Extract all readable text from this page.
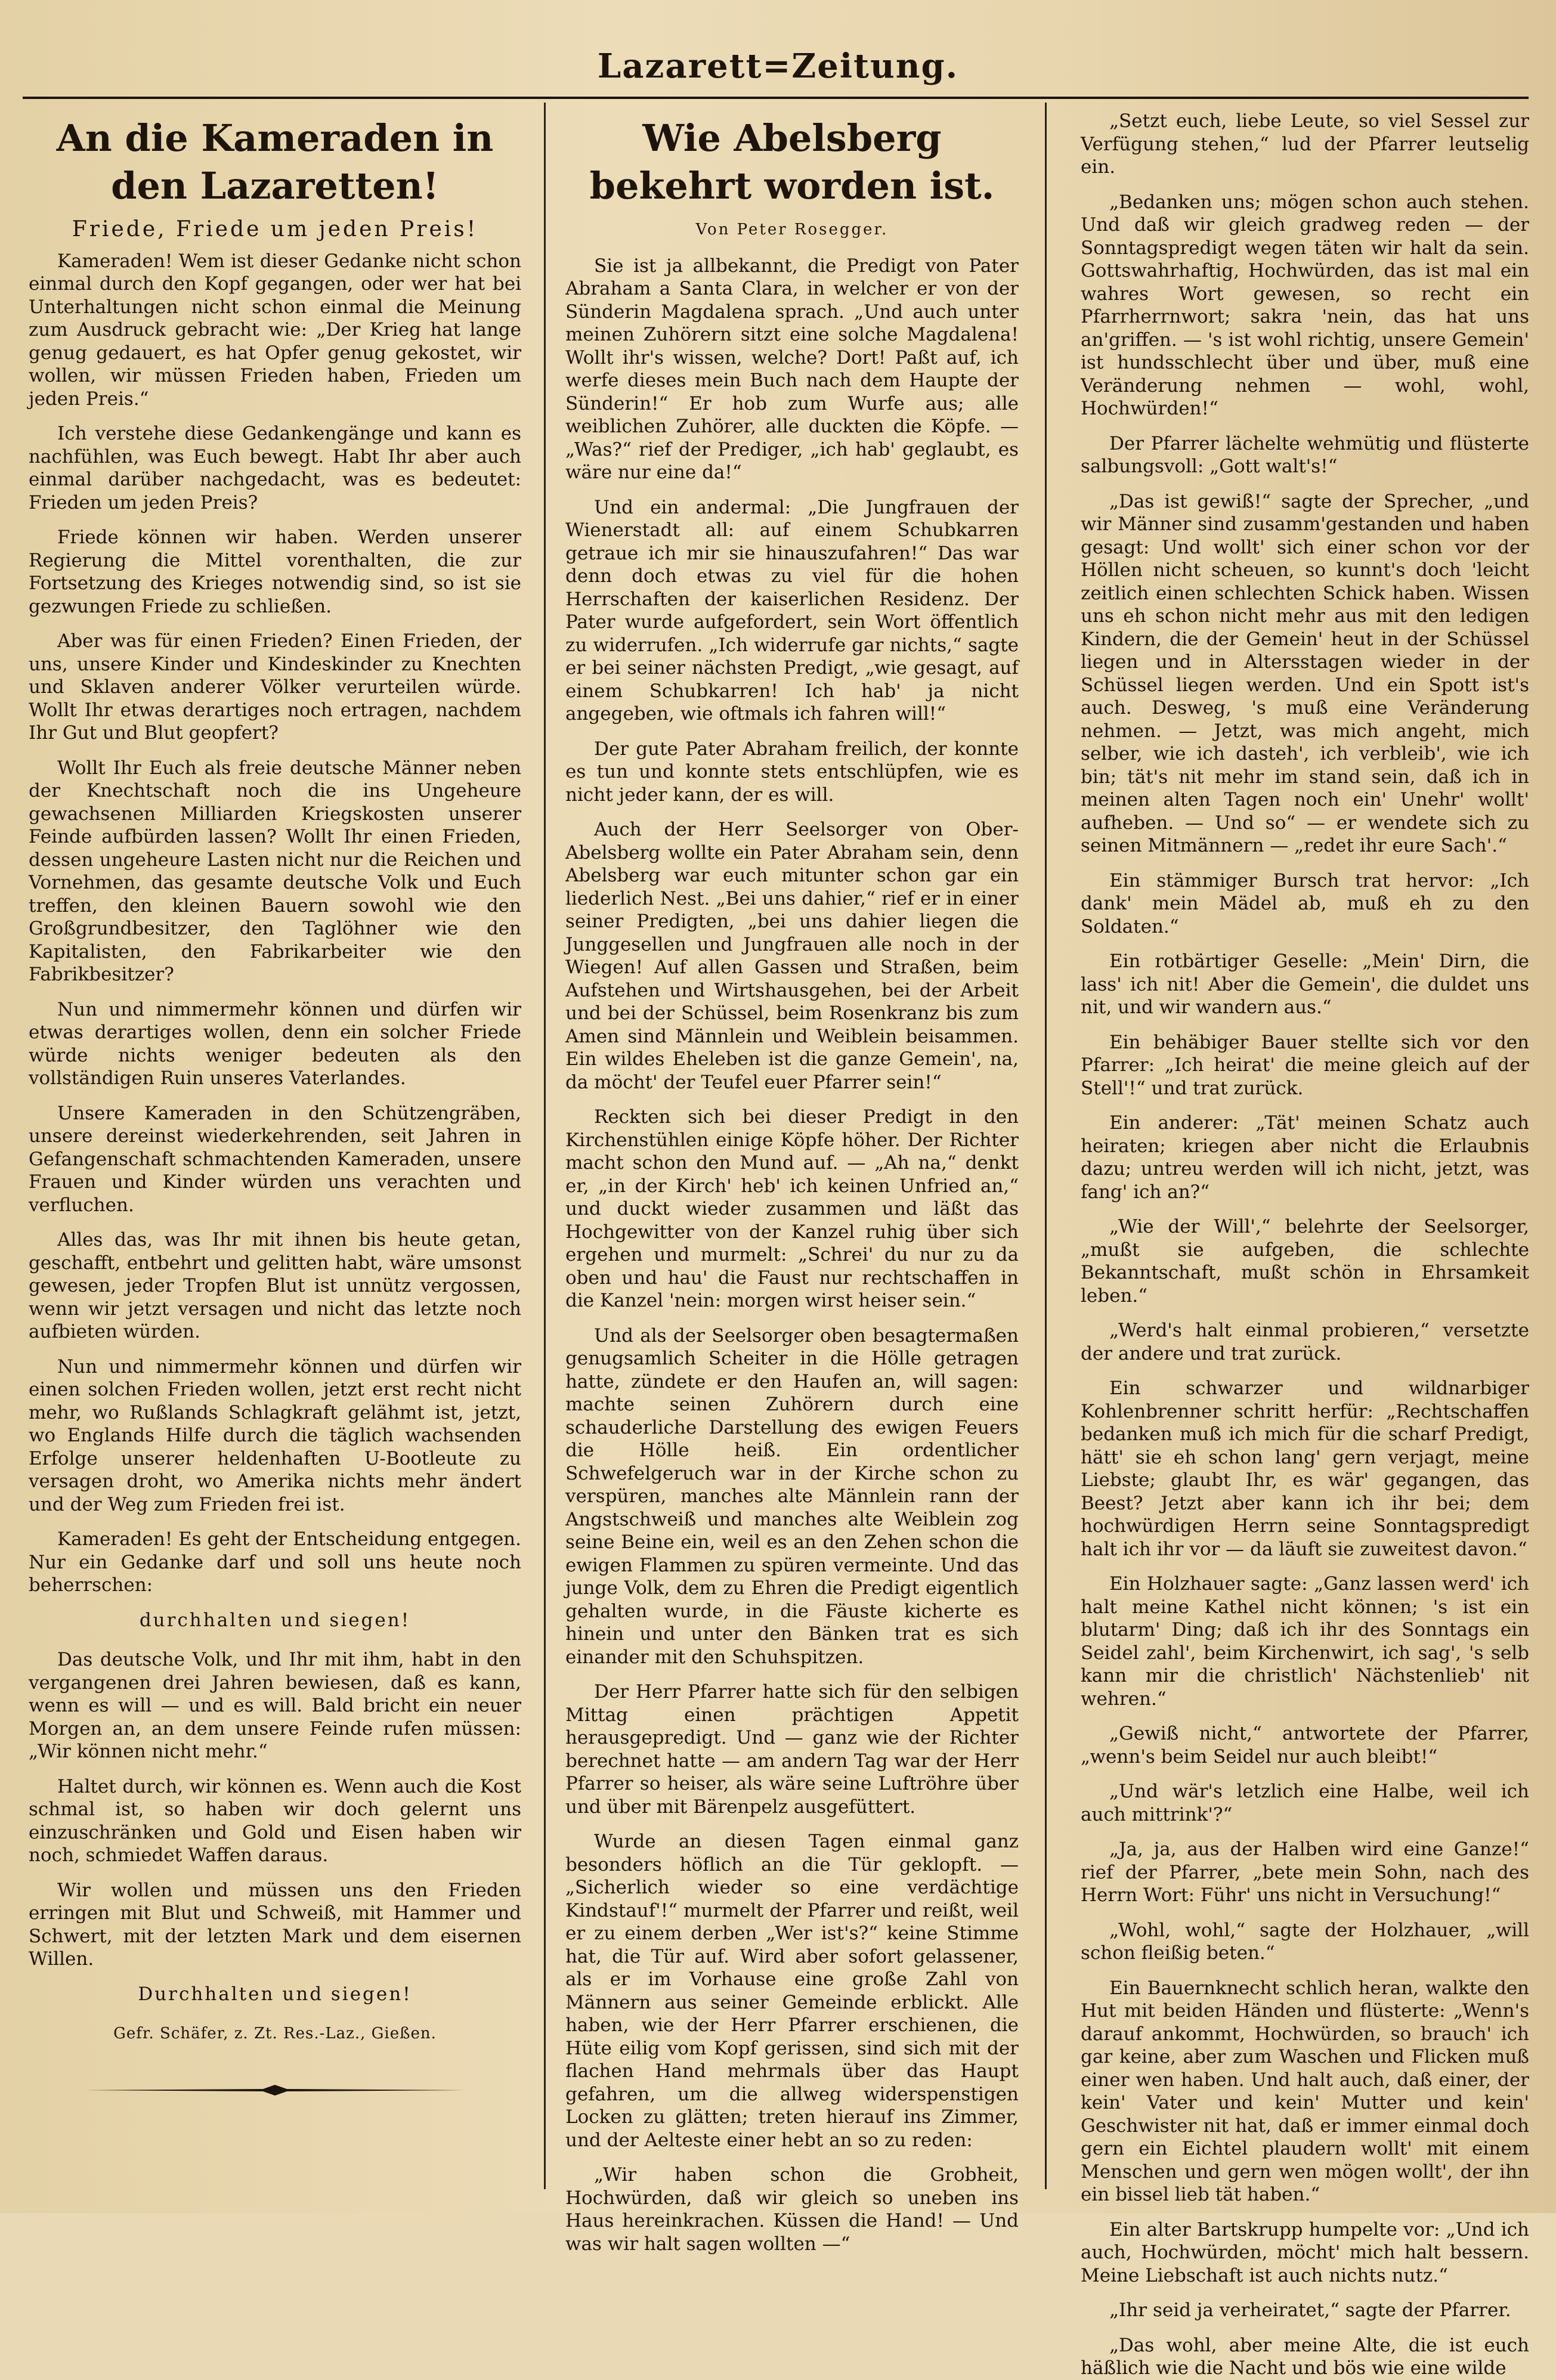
Lazarett=Zeitung.
An die Kameraden in den Lazaretten!
Friede, Friede um jeden Preis!

Kameraden! Wem ist dieser Gedanke nicht schon einmal durch den Kopf gegangen, oder wer hat bei Unterhaltungen nicht schon einmal die Meinung zum Ausdruck gebracht wie: „Der Krieg hat lange genug gedauert, es hat Opfer genug gekostet, wir wollen, wir müssen Frieden haben, Frieden um jeden Preis.“

Ich verstehe diese Gedankengänge und kann es nachfühlen, was Euch bewegt. Habt Ihr aber auch einmal darüber nachgedacht, was es bedeutet: Frieden um jeden Preis?

Friede können wir haben. Werden unserer Regierung die Mittel vorenthalten, die zur Fortsetzung des Krieges notwendig sind, so ist sie gezwungen Friede zu schließen.

Aber was für einen Frieden? Einen Frieden, der uns, unsere Kinder und Kindeskinder zu Knechten und Sklaven anderer Völker verurteilen würde. Wollt Ihr etwas derartiges noch ertragen, nachdem Ihr Gut und Blut geopfert?

Wollt Ihr Euch als freie deutsche Männer neben der Knechtschaft noch die ins Ungeheure gewachsenen Milliarden Kriegskosten unserer Feinde aufbürden lassen? Wollt Ihr einen Frieden, dessen ungeheure Lasten nicht nur die Reichen und Vornehmen, das gesamte deutsche Volk und Euch treffen, den kleinen Bauern sowohl wie den Großgrundbesitzer, den Taglöhner wie den Kapitalisten, den Fabrikarbeiter wie den Fabrikbesitzer?

Nun und nimmermehr können und dürfen wir etwas derartiges wollen, denn ein solcher Friede würde nichts weniger bedeuten als den vollständigen Ruin unseres Vaterlandes.

Unsere Kameraden in den Schützengräben, unsere dereinst wiederkehrenden, seit Jahren in Gefangenschaft schmachtenden Kameraden, unsere Frauen und Kinder würden uns verachten und verfluchen.

Alles das, was Ihr mit ihnen bis heute getan, geschafft, entbehrt und gelitten habt, wäre umsonst gewesen, jeder Tropfen Blut ist unnütz vergossen, wenn wir jetzt versagen und nicht das letzte noch aufbieten würden.

Nun und nimmermehr können und dürfen wir einen solchen Frieden wollen, jetzt erst recht nicht mehr, wo Rußlands Schlagkraft gelähmt ist, jetzt, wo Englands Hilfe durch die täglich wachsenden Erfolge unserer heldenhaften U-Bootleute zu versagen droht, wo Amerika nichts mehr ändert und der Weg zum Frieden frei ist.

Kameraden! Es geht der Entscheidung entgegen. Nur ein Gedanke darf und soll uns heute noch beherrschen:

durchhalten und siegen!

Das deutsche Volk, und Ihr mit ihm, habt in den vergangenen drei Jahren bewiesen, daß es kann, wenn es will — und es will. Bald bricht ein neuer Morgen an, an dem unsere Feinde rufen müssen: „Wir können nicht mehr.“

Haltet durch, wir können es. Wenn auch die Kost schmal ist, so haben wir doch gelernt uns einzuschränken und Gold und Eisen haben wir noch, schmiedet Waffen daraus.

Wir wollen und müssen uns den Frieden erringen mit Blut und Schweiß, mit Hammer und Schwert, mit der letzten Mark und dem eisernen Willen.

Durchhalten und siegen!

Gefr. Schäfer, z. Zt. Res.-Laz., Gießen.

Wie Abelsberg bekehrt worden ist.
Von Peter Rosegger.

Sie ist ja allbekannt, die Predigt von Pater Abraham a Santa Clara, in welcher er von der Sünderin Magdalena sprach. „Und auch unter meinen Zuhörern sitzt eine solche Magdalena! Wollt ihr's wissen, welche? Dort! Paßt auf, ich werfe dieses mein Buch nach dem Haupte der Sünderin!“ Er hob zum Wurfe aus; alle weiblichen Zuhörer, alle duckten die Köpfe. — „Was?“ rief der Prediger, „ich hab' geglaubt, es wäre nur eine da!“

Und ein andermal: „Die Jungfrauen der Wienerstadt all: auf einem Schubkarren getraue ich mir sie hinauszufahren!“ Das war denn doch etwas zu viel für die hohen Herrschaften der kaiserlichen Residenz. Der Pater wurde aufgefordert, sein Wort öffentlich zu widerrufen. „Ich widerrufe gar nichts,“ sagte er bei seiner nächsten Predigt, „wie gesagt, auf einem Schubkarren! Ich hab' ja nicht angegeben, wie oftmals ich fahren will!“

Der gute Pater Abraham freilich, der konnte es tun und konnte stets entschlüpfen, wie es nicht jeder kann, der es will.

Auch der Herr Seelsorger von Ober-Abelsberg wollte ein Pater Abraham sein, denn Abelsberg war euch mitunter schon gar ein liederlich Nest. „Bei uns dahier,“ rief er in einer seiner Predigten, „bei uns dahier liegen die Junggesellen und Jungfrauen alle noch in der Wiegen! Auf allen Gassen und Straßen, beim Aufstehen und Wirtshausgehen, bei der Arbeit und bei der Schüssel, beim Rosenkranz bis zum Amen sind Männlein und Weiblein beisammen. Ein wildes Eheleben ist die ganze Gemein', na, da möcht' der Teufel euer Pfarrer sein!“

Reckten sich bei dieser Predigt in den Kirchenstühlen einige Köpfe höher. Der Richter macht schon den Mund auf. — „Ah na,“ denkt er, „in der Kirch' heb' ich keinen Unfried an,“ und duckt wieder zusammen und läßt das Hochgewitter von der Kanzel ruhig über sich ergehen und murmelt: „Schrei' du nur zu da oben und hau' die Faust nur rechtschaffen in die Kanzel 'nein: morgen wirst heiser sein.“

Und als der Seelsorger oben besagtermaßen genugsamlich Scheiter in die Hölle getragen hatte, zündete er den Haufen an, will sagen: machte seinen Zuhörern durch eine schauderliche Darstellung des ewigen Feuers die Hölle heiß. Ein ordentlicher Schwefelgeruch war in der Kirche schon zu verspüren, manches alte Männlein rann der Angstschweiß und manches alte Weiblein zog seine Beine ein, weil es an den Zehen schon die ewigen Flammen zu spüren vermeinte. Und das junge Volk, dem zu Ehren die Predigt eigentlich gehalten wurde, in die Fäuste kicherte es hinein und unter den Bänken trat es sich einander mit den Schuhspitzen.

Der Herr Pfarrer hatte sich für den selbigen Mittag einen prächtigen Appetit herausgepredigt. Und — ganz wie der Richter berechnet hatte — am andern Tag war der Herr Pfarrer so heiser, als wäre seine Luftröhre über und über mit Bärenpelz ausgefüttert.

Wurde an diesen Tagen einmal ganz besonders höflich an die Tür geklopft. — „Sicherlich wieder so eine verdächtige Kindstauf'!“ murmelt der Pfarrer und reißt, weil er zu einem derben „Wer ist's?“ keine Stimme hat, die Tür auf. Wird aber sofort gelassener, als er im Vorhause eine große Zahl von Männern aus seiner Gemeinde erblickt. Alle haben, wie der Herr Pfarrer erschienen, die Hüte eilig vom Kopf gerissen, sind sich mit der flachen Hand mehrmals über das Haupt gefahren, um die allweg widerspenstigen Locken zu glätten; treten hierauf ins Zimmer, und der Aelteste einer hebt an so zu reden:

„Wir haben schon die Grobheit, Hochwürden, daß wir gleich so uneben ins Haus hereinkrachen. Küssen die Hand! — Und was wir halt sagen wollten —“

„Setzt euch, liebe Leute, so viel Sessel zur Verfügung stehen,“ lud der Pfarrer leutselig ein.

„Bedanken uns; mögen schon auch stehen. Und daß wir gleich gradweg reden — der Sonntagspredigt wegen täten wir halt da sein. Gottswahrhaftig, Hochwürden, das ist mal ein wahres Wort gewesen, so recht ein Pfarrherrnwort; sakra 'nein, das hat uns an'griffen. — 's ist wohl richtig, unsere Gemein' ist hundsschlecht über und über, muß eine Veränderung nehmen — wohl, wohl, Hochwürden!“

Der Pfarrer lächelte wehmütig und flüsterte salbungsvoll: „Gott walt's!“

„Das ist gewiß!“ sagte der Sprecher, „und wir Männer sind zusamm'gestanden und haben gesagt: Und wollt' sich einer schon vor der Höllen nicht scheuen, so kunnt's doch 'leicht zeitlich einen schlechten Schick haben. Wissen uns eh schon nicht mehr aus mit den ledigen Kindern, die der Gemein' heut in der Schüssel liegen und in Altersstagen wieder in der Schüssel liegen werden. Und ein Spott ist's auch. Desweg, 's muß eine Veränderung nehmen. — Jetzt, was mich angeht, mich selber, wie ich dasteh', ich verbleib', wie ich bin; tät's nit mehr im stand sein, daß ich in meinen alten Tagen noch ein' Unehr' wollt' aufheben. — Und so“ — er wendete sich zu seinen Mitmännern — „redet ihr eure Sach'.“

Ein stämmiger Bursch trat hervor: „Ich dank' mein Mädel ab, muß eh zu den Soldaten.“

Ein rotbärtiger Geselle: „Mein' Dirn, die lass' ich nit! Aber die Gemein', die duldet uns nit, und wir wandern aus.“

Ein behäbiger Bauer stellte sich vor den Pfarrer: „Ich heirat' die meine gleich auf der Stell'!“ und trat zurück.

Ein anderer: „Tät' meinen Schatz auch heiraten; kriegen aber nicht die Erlaubnis dazu; untreu werden will ich nicht, jetzt, was fang' ich an?“

„Wie der Will',“ belehrte der Seelsorger, „mußt sie aufgeben, die schlechte Bekanntschaft, mußt schön in Ehrsamkeit leben.“

„Werd's halt einmal probieren,“ versetzte der andere und trat zurück.

Ein schwarzer und wildnarbiger Kohlenbrenner schritt herfür: „Rechtschaffen bedanken muß ich mich für die scharf Predigt, hätt' sie eh schon lang' gern verjagt, meine Liebste; glaubt Ihr, es wär' gegangen, das Beest? Jetzt aber kann ich ihr bei; dem hochwürdigen Herrn seine Sonntagspredigt halt ich ihr vor — da läuft sie zuweitest davon.“

Ein Holzhauer sagte: „Ganz lassen werd' ich halt meine Kathel nicht können; 's ist ein blutarm' Ding; daß ich ihr des Sonntags ein Seidel zahl', beim Kirchenwirt, ich sag', 's selb kann mir die christlich' Nächstenlieb' nit wehren.“

„Gewiß nicht,“ antwortete der Pfarrer, „wenn's beim Seidel nur auch bleibt!“

„Und wär's letzlich eine Halbe, weil ich auch mittrink'?“

„Ja, ja, aus der Halben wird eine Ganze!“ rief der Pfarrer, „bete mein Sohn, nach des Herrn Wort: Führ' uns nicht in Versuchung!“

„Wohl, wohl,“ sagte der Holzhauer, „will schon fleißig beten.“

Ein Bauernknecht schlich heran, walkte den Hut mit beiden Händen und flüsterte: „Wenn's darauf ankommt, Hochwürden, so brauch' ich gar keine, aber zum Waschen und Flicken muß einer wen haben. Und halt auch, daß einer, der kein' Vater und kein' Mutter und kein' Geschwister nit hat, daß er immer einmal doch gern ein Eichtel plaudern wollt' mit einem Menschen und gern wen mögen wollt', der ihn ein bissel lieb tät haben.“

Ein alter Bartskrupp humpelte vor: „Und ich auch, Hochwürden, möcht' mich halt bessern. Meine Liebschaft ist auch nichts nutz.“

„Ihr seid ja verheiratet,“ sagte der Pfarrer.

„Das wohl, aber meine Alte, die ist euch häßlich wie die Nacht und bös wie eine wilde
